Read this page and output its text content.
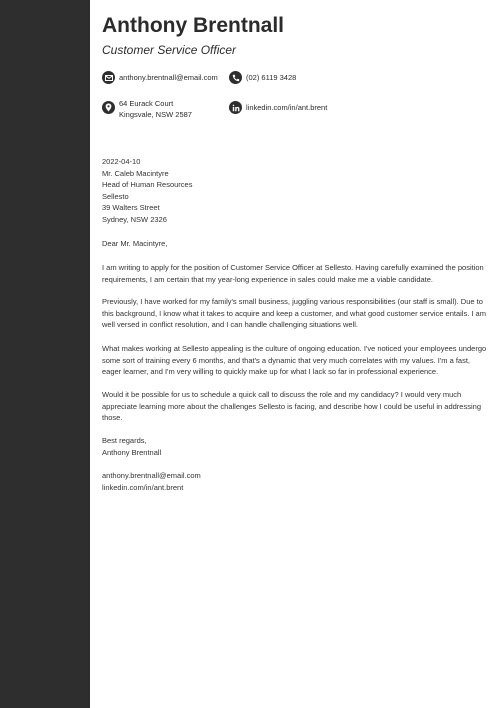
Anthony Brentnall
Customer Service Officer
anthony.brentnall@email.com	(02) 6119 3428
64 Eurack Court
Kingsvale, NSW 2587
linkedin.com/in/ant.brent
2022-04-10
Mr. Caleb Macintyre
Head of Human Resources
Sellesto
39 Walters Street
Sydney, NSW 2326

Dear Mr. Macintyre,

I am writing to apply for the position of Customer Service Officer at Sellesto. Having carefully examined the position requirements, I am certain that my year-long experience in sales could make me a viable candidate.

Previously, I have worked for my family's small business, juggling various responsibilities (our staff is small). Due to this background, I know what it takes to acquire and keep a customer, and what good customer service entails. I am well versed in conflict resolution, and I can handle challenging situations well.

What makes working at Sellesto appealing is the culture of ongoing education. I've noticed your employees undergo some sort of training every 6 months, and that's a dynamic that very much correlates with my values. I'm a fast, eager learner, and I'm very willing to quickly make up for what I lack so far in professional experience.

Would it be possible for us to schedule a quick call to discuss the role and my candidacy? I would very much appreciate learning more about the challenges Sellesto is facing, and describe how I could be useful in addressing those.

Best regards,
Anthony Brentnall
anthony.brentnall@email.com
linkedin.com/in/ant.brent
